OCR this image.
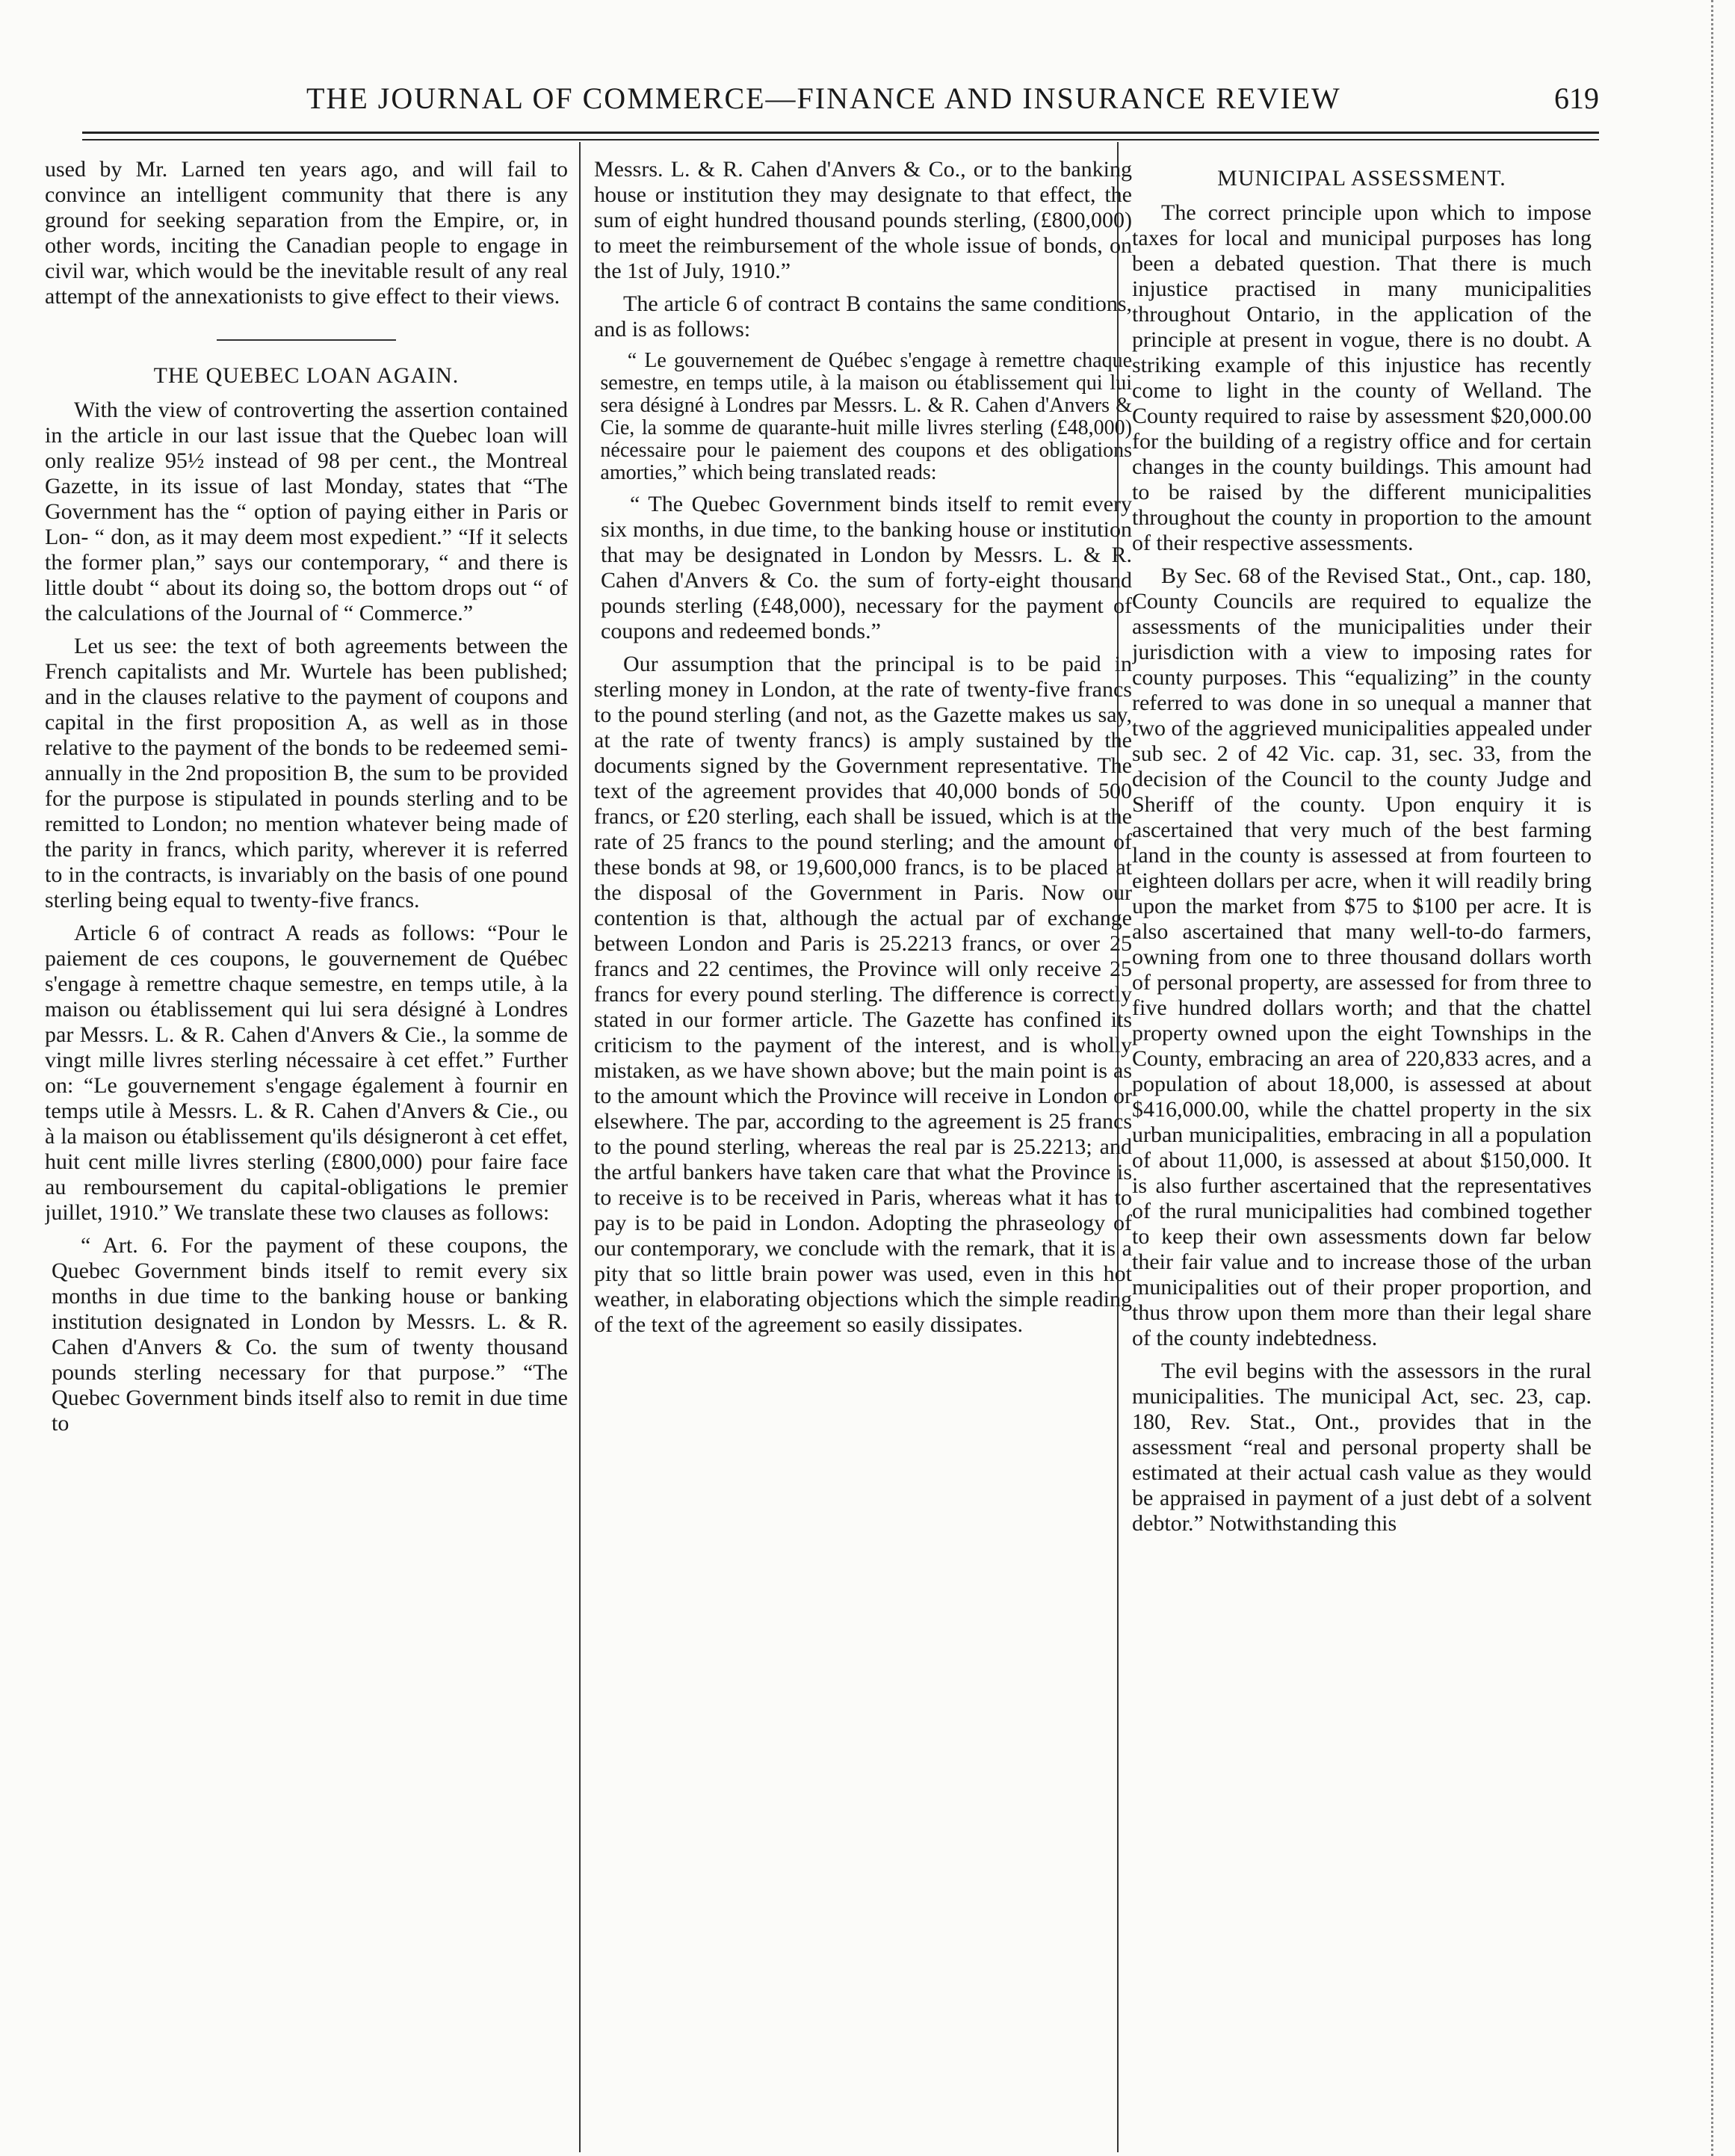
THE JOURNAL OF COMMERCE—FINANCE AND INSURANCE REVIEW	619

used by Mr. Larned ten years ago, and will fail to convince an intelligent community that there is any ground for seeking separation from the Empire, or, in other words, inciting the Canadian people to engage in civil war, which would be the inevitable result of any real attempt of the annexationists to give effect to their views.

THE QUEBEC LOAN AGAIN.

With the view of controverting the assertion contained in the article in our last issue that the Quebec loan will only realize 95½ instead of 98 per cent., the Montreal Gazette, in its issue of last Monday, states that “The Government has the “ option of paying either in Paris or Lon- “ don, as it may deem most expedient.” “If it selects the former plan,” says our contemporary, “ and there is little doubt “ about its doing so, the bottom drops out “ of the calculations of the Journal of “ Commerce.”

Let us see: the text of both agreements between the French capitalists and Mr. Wurtele has been published; and in the clauses relative to the payment of coupons and capital in the first proposition A, as well as in those relative to the payment of the bonds to be redeemed semi-annually in the 2nd proposition B, the sum to be provided for the purpose is stipulated in pounds sterling and to be remitted to London; no mention whatever being made of the parity in francs, which parity, wherever it is referred to in the contracts, is invariably on the basis of one pound sterling being equal to twenty-five francs.

Article 6 of contract A reads as follows: “Pour le paiement de ces coupons, le gouvernement de Québec s'engage à remettre chaque semestre, en temps utile, à la maison ou établissement qui lui sera désigné à Londres par Messrs. L. & R. Cahen d'Anvers & Cie., la somme de vingt mille livres sterling nécessaire à cet effet.” Further on: “Le gouvernement s'engage également à fournir en temps utile à Messrs. L. & R. Cahen d'Anvers & Cie., ou à la maison ou établissement qu'ils désigneront à cet effet, huit cent mille livres sterling (£800,000) pour faire face au remboursement du capital-obligations le premier juillet, 1910.” We translate these two clauses as follows:

“ Art. 6. For the payment of these coupons, the Quebec Government binds itself to remit every six months in due time to the banking house or banking institution designated in London by Messrs. L. & R. Cahen d'Anvers & Co. the sum of twenty thousand pounds sterling necessary for that purpose.” “The Quebec Government binds itself also to remit in due time to

Messrs. L. & R. Cahen d'Anvers & Co., or to the banking house or institution they may designate to that effect, the sum of eight hundred thousand pounds sterling, (£800,000) to meet the reimbursement of the whole issue of bonds, on the 1st of July, 1910.”

The article 6 of contract B contains the same conditions, and is as follows:

“ Le gouvernement de Québec s'engage à remettre chaque semestre, en temps utile, à la maison ou établissement qui lui sera désigné à Londres par Messrs. L. & R. Cahen d'Anvers & Cie, la somme de quarante-huit mille livres sterling (£48,000) nécessaire pour le paiement des coupons et des obligations amorties,” which being translated reads:

“ The Quebec Government binds itself to remit every six months, in due time, to the banking house or institution that may be designated in London by Messrs. L. & R. Cahen d'Anvers & Co. the sum of forty-eight thousand pounds sterling (£48,000), necessary for the payment of coupons and redeemed bonds.”

Our assumption that the principal is to be paid in sterling money in London, at the rate of twenty-five francs to the pound sterling (and not, as the Gazette makes us say, at the rate of twenty francs) is amply sustained by the documents signed by the Government representative. The text of the agreement provides that 40,000 bonds of 500 francs, or £20 sterling, each shall be issued, which is at the rate of 25 francs to the pound sterling; and the amount of these bonds at 98, or 19,600,000 francs, is to be placed at the disposal of the Government in Paris. Now our contention is that, although the actual par of exchange between London and Paris is 25.2213 francs, or over 25 francs and 22 centimes, the Province will only receive 25 francs for every pound sterling. The difference is correctly stated in our former article. The Gazette has confined its criticism to the payment of the interest, and is wholly mistaken, as we have shown above; but the main point is as to the amount which the Province will receive in London or elsewhere. The par, according to the agreement is 25 francs to the pound sterling, whereas the real par is 25.2213; and the artful bankers have taken care that what the Province is to receive is to be received in Paris, whereas what it has to pay is to be paid in London. Adopting the phraseology of our contemporary, we conclude with the remark, that it is a pity that so little brain power was used, even in this hot weather, in elaborating objections which the simple reading of the text of the agreement so easily dissipates.

MUNICIPAL ASSESSMENT.

The correct principle upon which to impose taxes for local and municipal purposes has long been a debated question. That there is much injustice practised in many municipalities throughout Ontario, in the application of the principle at present in vogue, there is no doubt. A striking example of this injustice has recently come to light in the county of Welland. The County required to raise by assessment $20,000.00 for the building of a registry office and for certain changes in the county buildings. This amount had to be raised by the different municipalities throughout the county in proportion to the amount of their respective assessments.

By Sec. 68 of the Revised Stat., Ont., cap. 180, County Councils are required to equalize the assessments of the municipalities under their jurisdiction with a view to imposing rates for county purposes. This “equalizing” in the county referred to was done in so unequal a manner that two of the aggrieved municipalities appealed under sub sec. 2 of 42 Vic. cap. 31, sec. 33, from the decision of the Council to the county Judge and Sheriff of the county. Upon enquiry it is ascertained that very much of the best farming land in the county is assessed at from fourteen to eighteen dollars per acre, when it will readily bring upon the market from $75 to $100 per acre. It is also ascertained that many well-to-do farmers, owning from one to three thousand dollars worth of personal property, are assessed for from three to five hundred dollars worth; and that the chattel property owned upon the eight Townships in the County, embracing an area of 220,833 acres, and a population of about 18,000, is assessed at about $416,000.00, while the chattel property in the six urban municipalities, embracing in all a population of about 11,000, is assessed at about $150,000. It is also further ascertained that the representatives of the rural municipalities had combined together to keep their own assessments down far below their fair value and to increase those of the urban municipalities out of their proper proportion, and thus throw upon them more than their legal share of the county indebtedness.

The evil begins with the assessors in the rural municipalities. The municipal Act, sec. 23, cap. 180, Rev. Stat., Ont., provides that in the assessment “real and personal property shall be estimated at their actual cash value as they would be appraised in payment of a just debt of a solvent debtor.” Notwithstanding this
